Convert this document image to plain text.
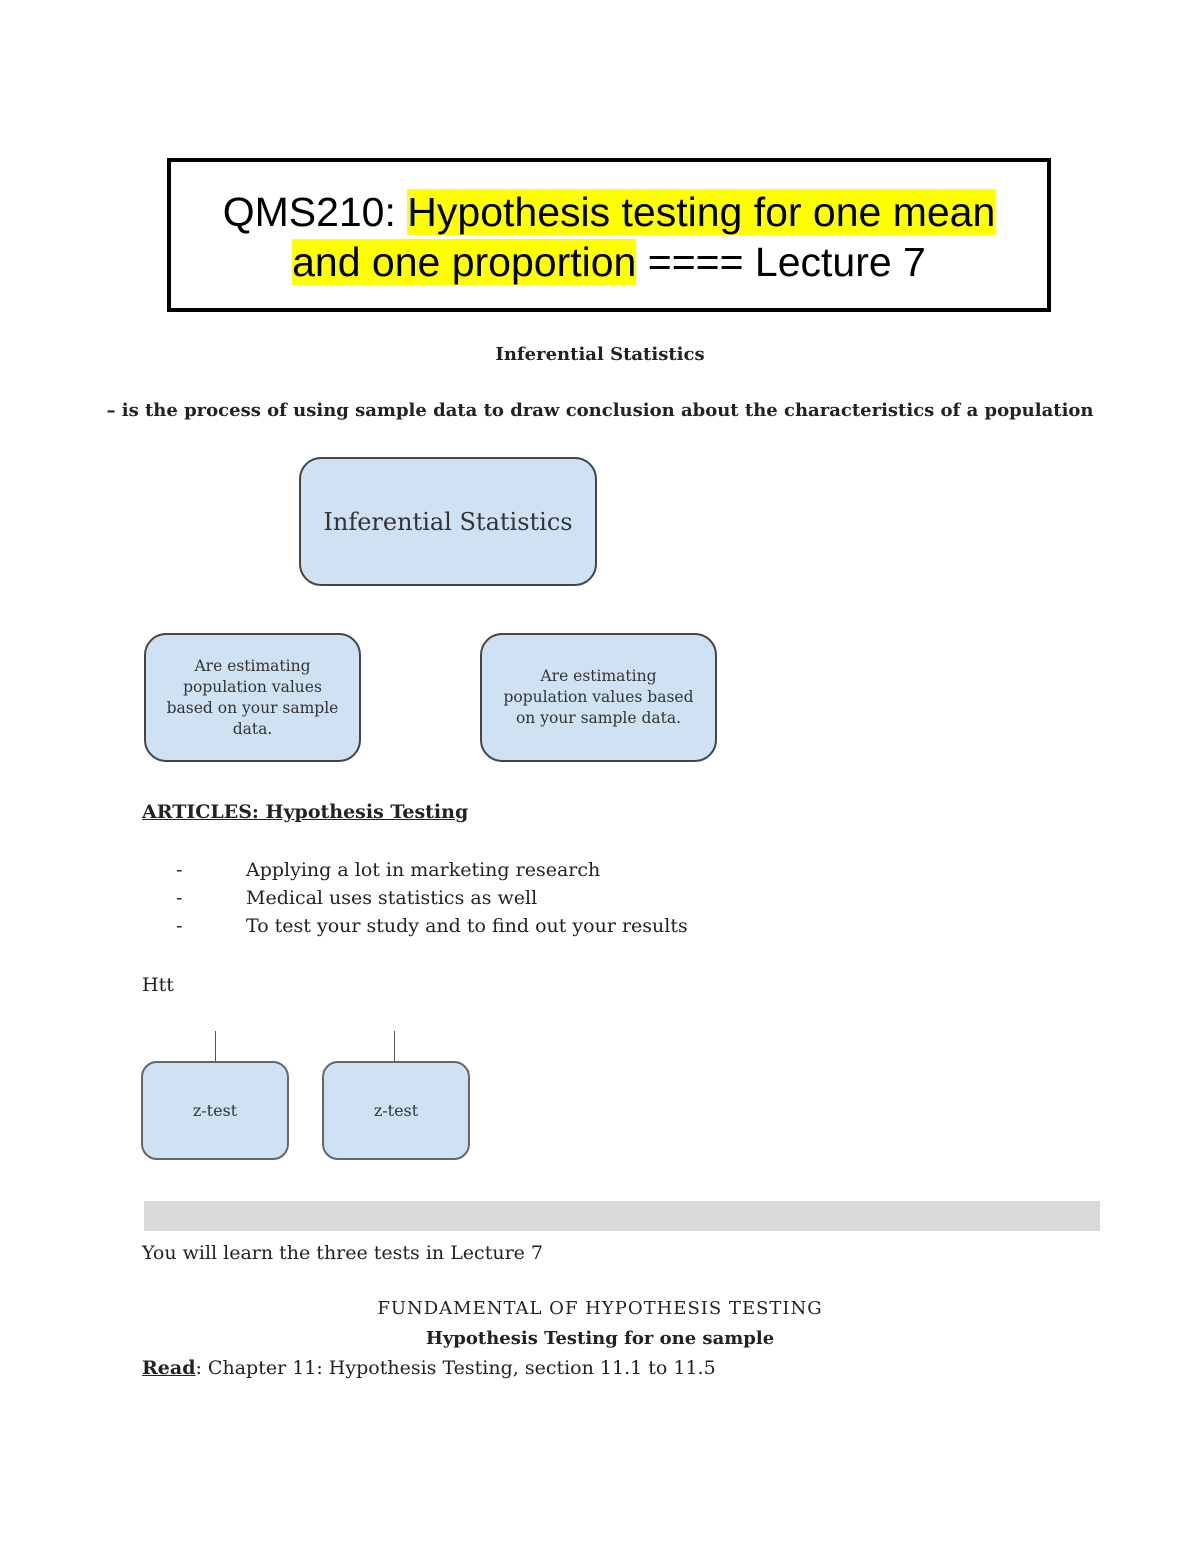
QMS210: Hypothesis testing for one mean
and one proportion ==== Lecture 7
Inferential Statistics
– is the process of using sample data to draw conclusion about the characteristics of a population
Inferential Statistics
Are estimating population values based on your sample data.
Are estimating population values based on your sample data.
ARTICLES: Hypothesis Testing
-	Applying a lot in marketing research
-	Medical uses statistics as well
-	To test your study and to find out your results
Htt
z-test	z-test
You will learn the three tests in Lecture 7
FUNDAMENTAL OF HYPOTHESIS TESTING
Hypothesis Testing for one sample
Read: Chapter 11: Hypothesis Testing, section 11.1 to 11.5
